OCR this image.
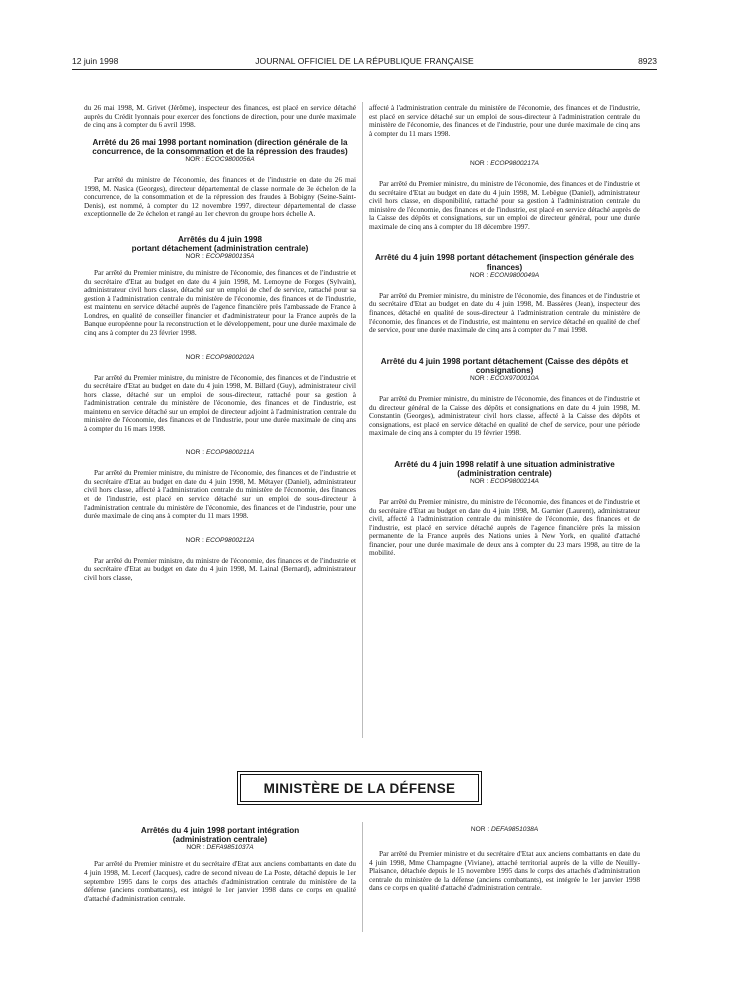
12 juin 1998	JOURNAL OFFICIEL DE LA RÉPUBLIQUE FRANÇAISE	8923

du 26 mai 1998, M. Grivet (Jérôme), inspecteur des finances, est placé en service détaché auprès du Crédit lyonnais pour exercer des fonctions de direction, pour une durée maximale de cinq ans à compter du 6 avril 1998.

Arrêté du 26 mai 1998 portant nomination (direction générale de la concurrence, de la consommation et de la répression des fraudes)
NOR : ECOC9800056A

Par arrêté du ministre de l'économie, des finances et de l'industrie en date du 26 mai 1998, M. Nasica (Georges), directeur départemental de classe normale de 3e échelon de la concurrence, de la consommation et de la répression des fraudes à Bobigny (Seine-Saint-Denis), est nommé, à compter du 12 novembre 1997, directeur départemental de classe exceptionnelle de 2e échelon et rangé au 1er chevron du groupe hors échelle A.

Arrêtés du 4 juin 1998
portant détachement (administration centrale)
NOR : ECOP9800135A

Par arrêté du Premier ministre, du ministre de l'économie, des finances et de l'industrie et du secrétaire d'Etat au budget en date du 4 juin 1998, M. Lemoyne de Forges (Sylvain), administrateur civil hors classe, détaché sur un emploi de chef de service, rattaché pour sa gestion à l'administration centrale du ministère de l'économie, des finances et de l'industrie, est maintenu en service détaché auprès de l'agence financière près l'ambassade de France à Londres, en qualité de conseiller financier et d'administrateur pour la France auprès de la Banque européenne pour la reconstruction et le développement, pour une durée maximale de cinq ans à compter du 23 février 1998.

NOR : ECOP9800202A

Par arrêté du Premier ministre, du ministre de l'économie, des finances et de l'industrie et du secrétaire d'Etat au budget en date du 4 juin 1998, M. Billard (Guy), administrateur civil hors classe, détaché sur un emploi de sous-directeur, rattaché pour sa gestion à l'administration centrale du ministère de l'économie, des finances et de l'industrie, est maintenu en service détaché sur un emploi de directeur adjoint à l'administration centrale du ministère de l'économie, des finances et de l'industrie, pour une durée maximale de cinq ans à compter du 16 mars 1998.

NOR : ECOP9800211A

Par arrêté du Premier ministre, du ministre de l'économie, des finances et de l'industrie et du secrétaire d'Etat au budget en date du 4 juin 1998, M. Métayer (Daniel), administrateur civil hors classe, affecté à l'administration centrale du ministère de l'économie, des finances et de l'industrie, est placé en service détaché sur un emploi de sous-directeur à l'administration centrale du ministère de l'économie, des finances et de l'industrie, pour une durée maximale de cinq ans à compter du 11 mars 1998.

NOR : ECOP9800212A

Par arrêté du Premier ministre, du ministre de l'économie, des finances et de l'industrie et du secrétaire d'Etat au budget en date du 4 juin 1998, M. Lainal (Bernard), administrateur civil hors classe,

affecté à l'administration centrale du ministère de l'économie, des finances et de l'industrie, est placé en service détaché sur un emploi de sous-directeur à l'administration centrale du ministère de l'économie, des finances et de l'industrie, pour une durée maximale de cinq ans à compter du 11 mars 1998.

NOR : ECOP9800217A

Par arrêté du Premier ministre, du ministre de l'économie, des finances et de l'industrie et du secrétaire d'Etat au budget en date du 4 juin 1998, M. Lebègue (Daniel), administrateur civil hors classe, en disponibilité, rattaché pour sa gestion à l'administration centrale du ministère de l'économie, des finances et de l'industrie, est placé en service détaché auprès de la Caisse des dépôts et consignations, sur un emploi de directeur général, pour une durée maximale de cinq ans à compter du 18 décembre 1997.

Arrêté du 4 juin 1998 portant détachement (inspection générale des finances)
NOR : ECON9800049A

Par arrêté du Premier ministre, du ministre de l'économie, des finances et de l'industrie et du secrétaire d'Etat au budget en date du 4 juin 1998, M. Bassères (Jean), inspecteur des finances, détaché en qualité de sous-directeur à l'administration centrale du ministère de l'économie, des finances et de l'industrie, est maintenu en service détaché en qualité de chef de service, pour une durée maximale de cinq ans à compter du 7 mai 1998.

Arrêté du 4 juin 1998 portant détachement (Caisse des dépôts et consignations)
NOR : ECOX9700010A

Par arrêté du Premier ministre, du ministre de l'économie, des finances et de l'industrie et du directeur général de la Caisse des dépôts et consignations en date du 4 juin 1998, M. Constantin (Georges), administrateur civil hors classe, affecté à la Caisse des dépôts et consignations, est placé en service détaché en qualité de chef de service, pour une période maximale de cinq ans à compter du 19 février 1998.

Arrêté du 4 juin 1998 relatif à une situation administrative (administration centrale)
NOR : ECOP9800214A

Par arrêté du Premier ministre, du ministre de l'économie, des finances et de l'industrie et du secrétaire d'Etat au budget en date du 4 juin 1998, M. Garnier (Laurent), administrateur civil, affecté à l'administration centrale du ministère de l'économie, des finances et de l'industrie, est placé en service détaché auprès de l'agence financière près la mission permanente de la France auprès des Nations unies à New York, en qualité d'attaché financier, pour une durée maximale de deux ans à compter du 23 mars 1998, au titre de la mobilité.

MINISTÈRE DE LA DÉFENSE
Arrêtés du 4 juin 1998 portant intégration
(administration centrale)
NOR : DEFA9851037A

Par arrêté du Premier ministre et du secrétaire d'Etat aux anciens combattants en date du 4 juin 1998, M. Lecerf (Jacques), cadre de second niveau de La Poste, détaché depuis le 1er septembre 1995 dans le corps des attachés d'administration centrale du ministère de la défense (anciens combattants), est intégré le 1er janvier 1998 dans ce corps en qualité d'attaché d'administration centrale.

NOR : DEFA9851038A

Par arrêté du Premier ministre et du secrétaire d'Etat aux anciens combattants en date du 4 juin 1998, Mme Champagne (Viviane), attaché territorial auprès de la ville de Neuilly-Plaisance, détachée depuis le 15 novembre 1995 dans le corps des attachés d'administration centrale du ministère de la défense (anciens combattants), est intégrée le 1er janvier 1998 dans ce corps en qualité d'attaché d'administration centrale.
